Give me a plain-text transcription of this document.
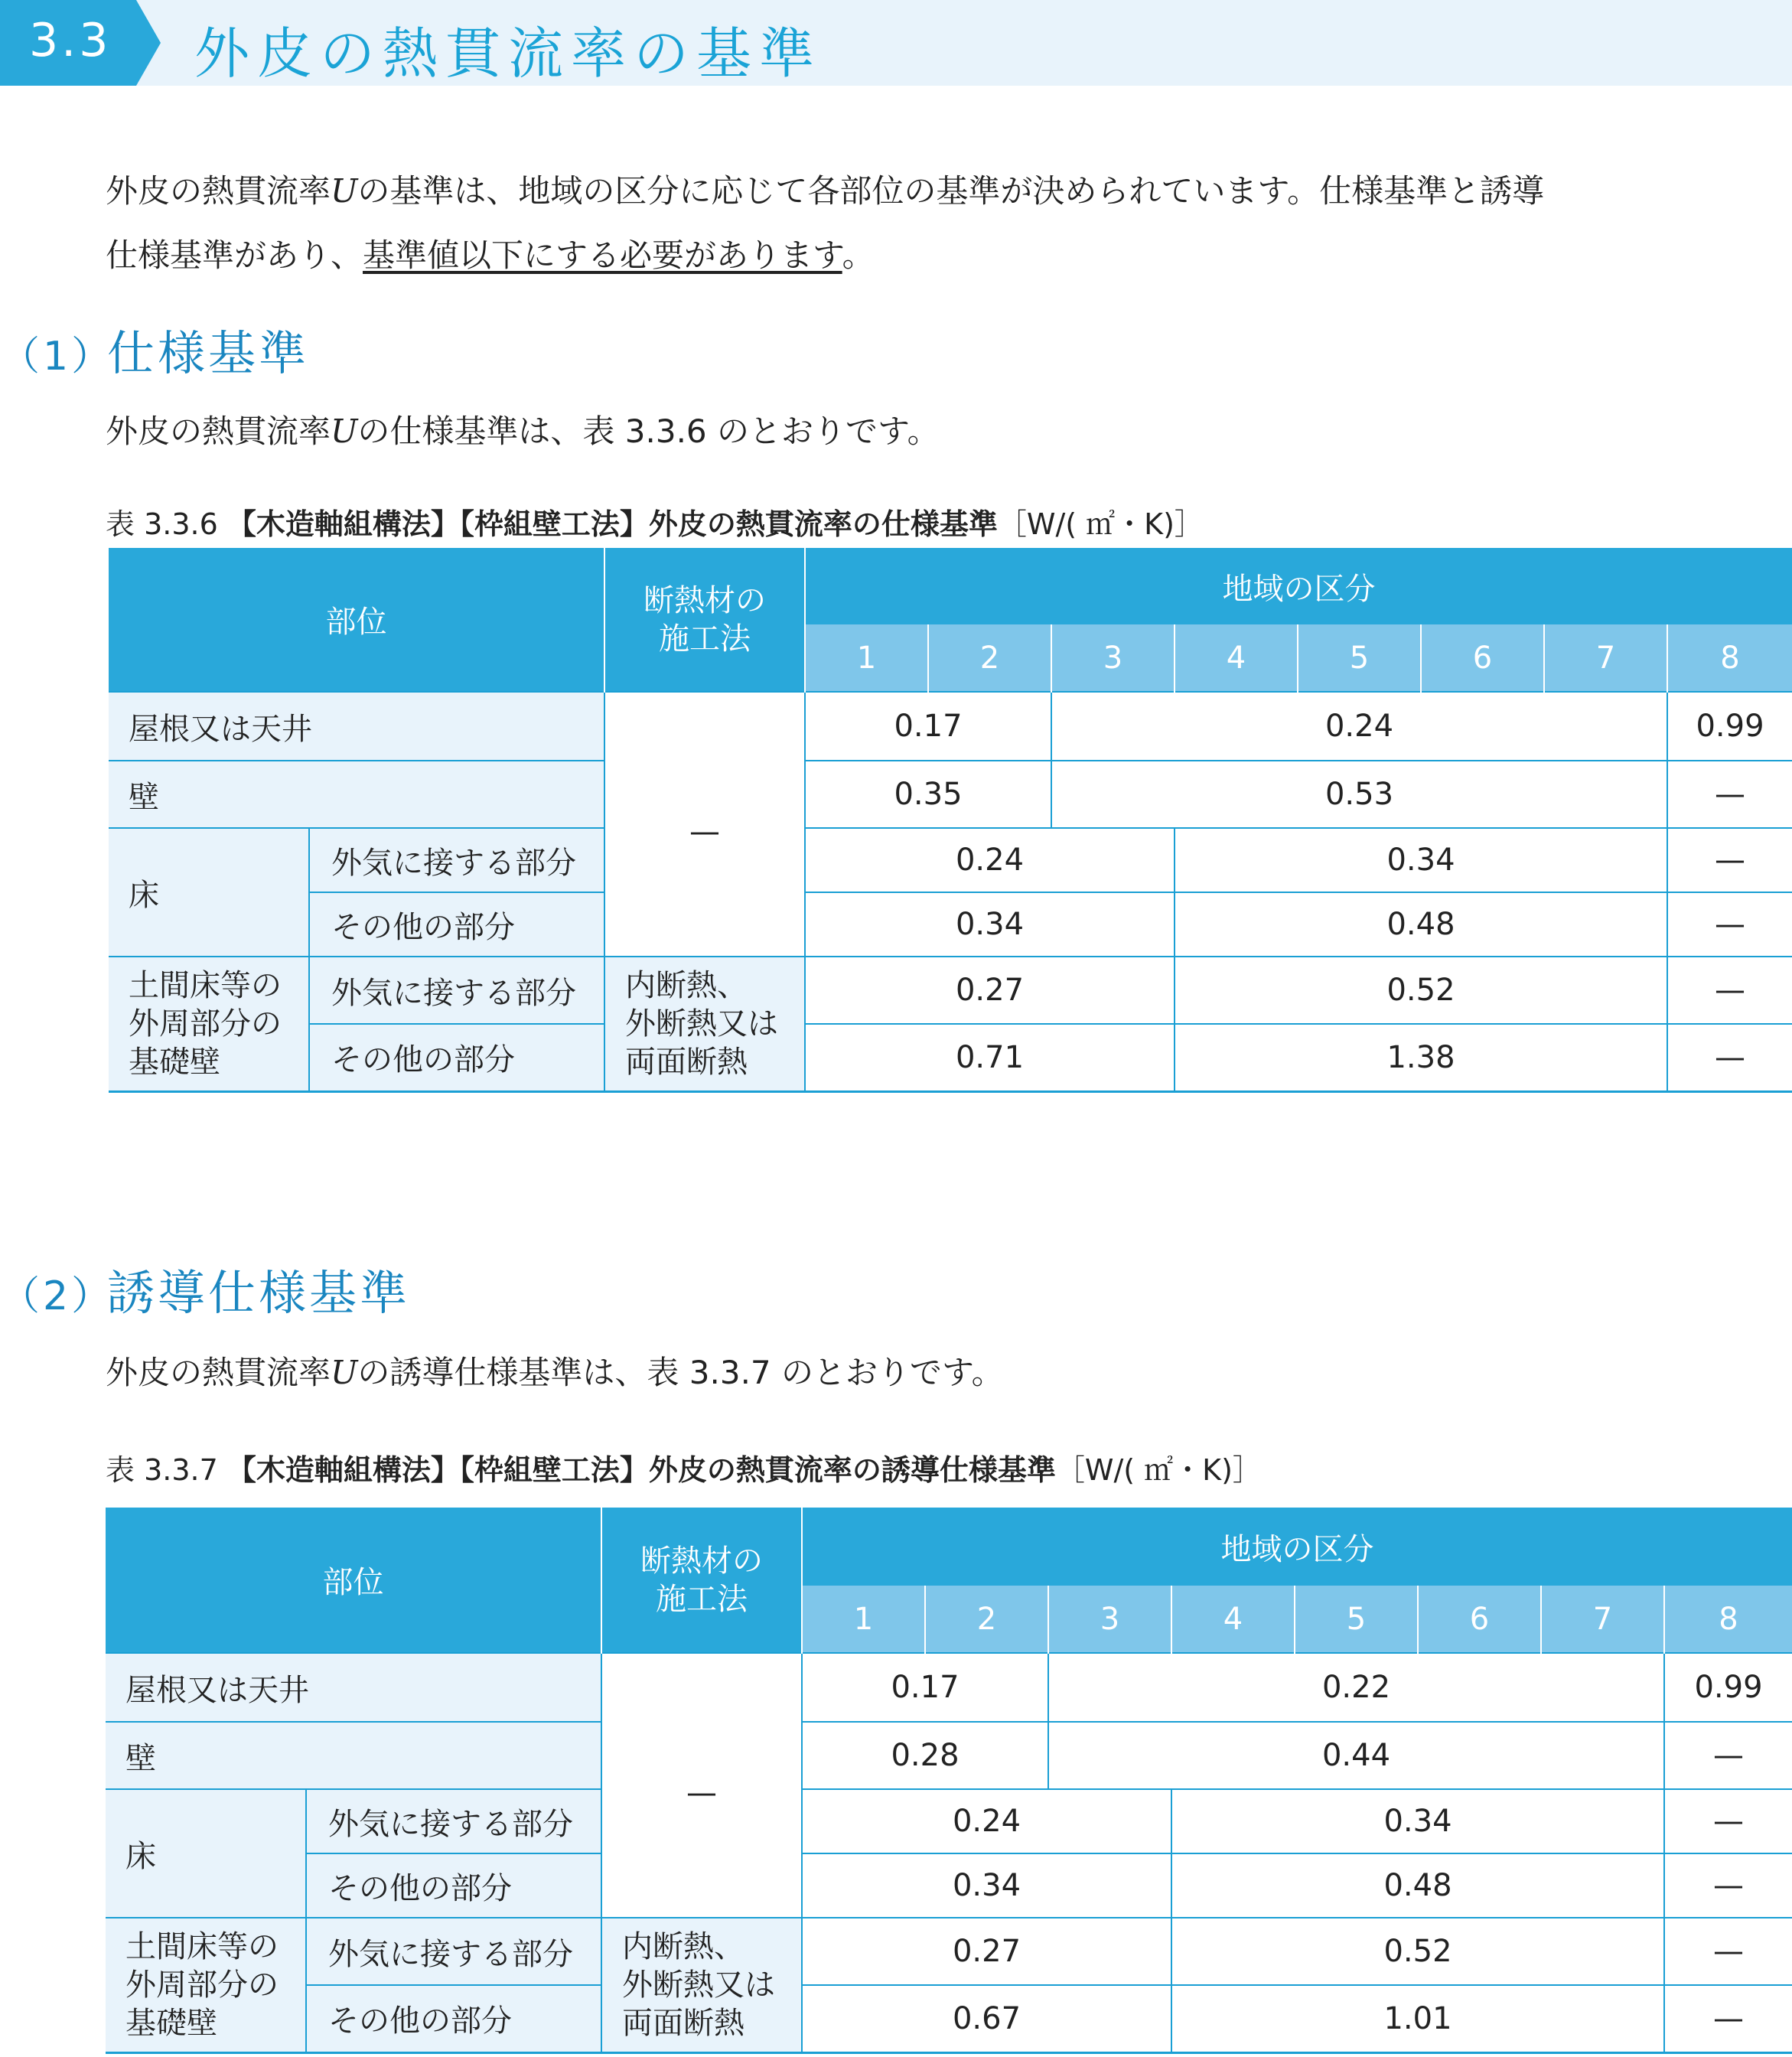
3.3 外皮の熱貫流率の基準
外皮の熱貫流率Uの基準は、地域の区分に応じて各部位の基準が決められています。仕様基準と誘導
仕様基準があり、基準値以下にする必要があります。
（1）仕様基準
外皮の熱貫流率Uの仕様基準は、表 3.3.6 のとおりです。
表 3.3.6 【木造軸組構法】【枠組壁工法】外皮の熱貫流率の仕様基準［W/( ㎡・K)］
部位		断熱材の
施工法	地域の区分							
			1	2	3	4	5	6	7	8
屋根又は天井		—	0.17		0.24					0.99
壁			0.35		0.53					—
床	外気に接する部分		0.24			0.34				—
	その他の部分		0.34			0.48				—
土間床等の
外周部分の
基礎壁	外気に接する部分	内断熱、
外断熱又は
両面断熱	0.27			0.52				—
	その他の部分		0.71			1.38				—
（2）誘導仕様基準
外皮の熱貫流率Uの誘導仕様基準は、表 3.3.7 のとおりです。
表 3.3.7 【木造軸組構法】【枠組壁工法】外皮の熱貫流率の誘導仕様基準［W/( ㎡・K)］
部位		断熱材の
施工法	地域の区分							
			1	2	3	4	5	6	7	8
屋根又は天井		—	0.17		0.22					0.99
壁			0.28		0.44					—
床	外気に接する部分		0.24			0.34				—
	その他の部分		0.34			0.48				—
土間床等の
外周部分の
基礎壁	外気に接する部分	内断熱、
外断熱又は
両面断熱	0.27			0.52				—
	その他の部分		0.67			1.01				—
